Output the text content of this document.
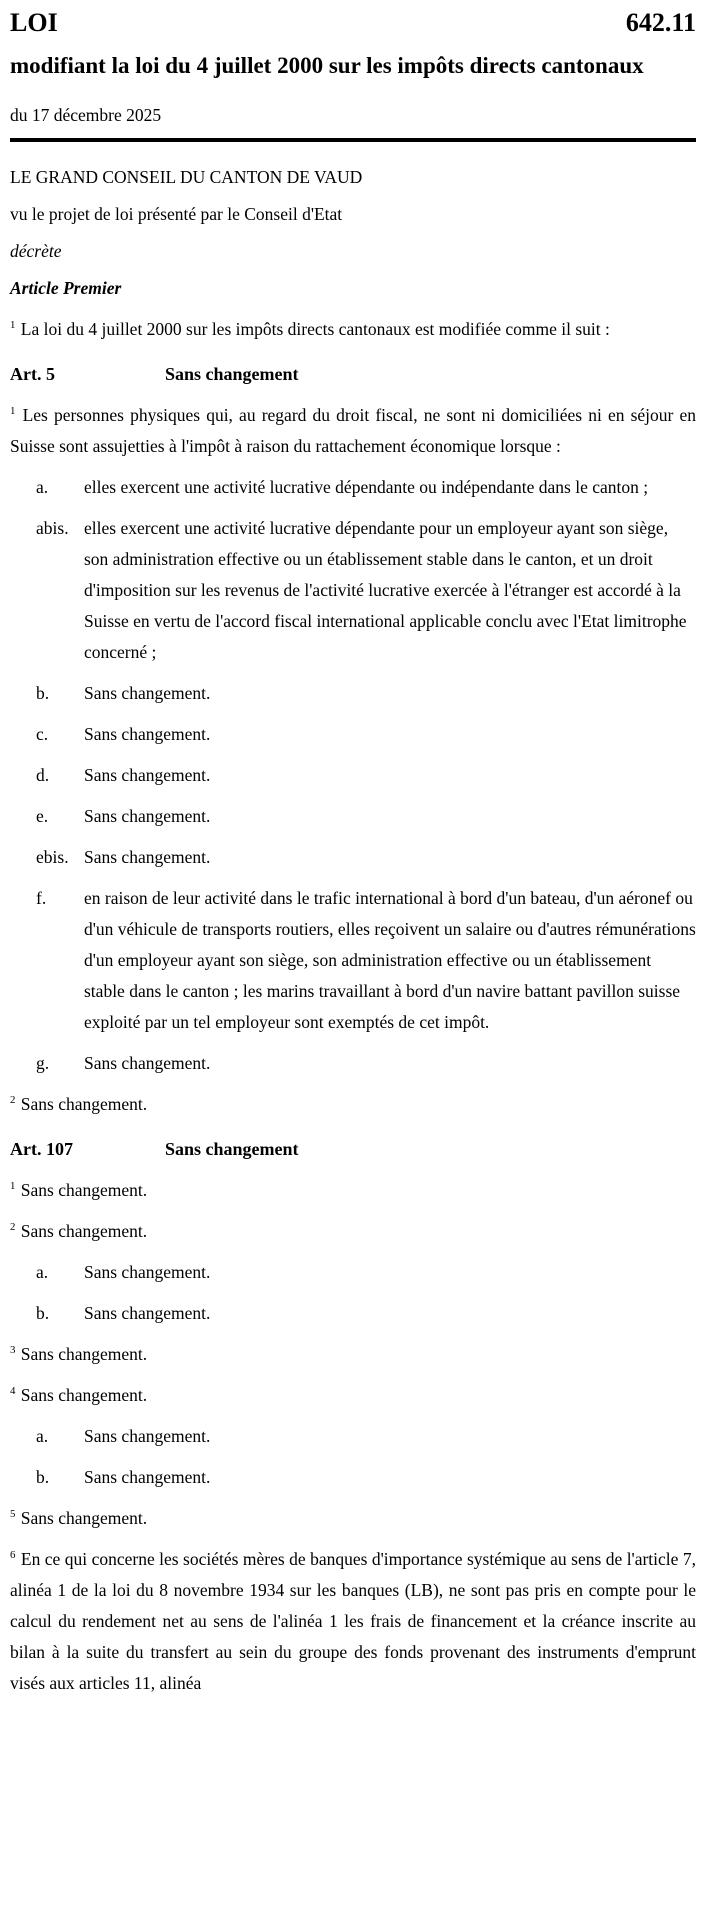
LOI	642.11
modifiant la loi du 4 juillet 2000 sur les impôts directs cantonaux

du 17 décembre 2025

LE GRAND CONSEIL DU CANTON DE VAUD

vu le projet de loi présenté par le Conseil d'Etat

décrète

Article Premier

$^1$ La loi du 4 juillet 2000 sur les impôts directs cantonaux est modifiée comme il suit :

Art. 5	Sans changement

$^1$ Les personnes physiques qui, au regard du droit fiscal, ne sont ni domiciliées ni en séjour en Suisse sont assujetties à l'impôt à raison du rattachement économique lorsque :

a.	elles exercent une activité lucrative dépendante ou indépendante dans le canton ;
abis. elles exercent une activité lucrative dépendante pour un employeur ayant son siège, son administration effective ou un établissement stable dans le canton, et un droit d'imposition sur les revenus de l'activité lucrative exercée à l'étranger est accordé à la Suisse en vertu de l'accord fiscal international applicable conclu avec l'Etat limitrophe concerné ;
b.	Sans changement.
c.	Sans changement.
d.	Sans changement.
e.	Sans changement.
ebis. Sans changement.
f.	en raison de leur activité dans le trafic international à bord d'un bateau, d'un aéronef ou d'un véhicule de transports routiers, elles reçoivent un salaire ou d'autres rémunérations d'un employeur ayant son siège, son administration effective ou un établissement stable dans le canton ; les marins travaillant à bord d'un navire battant pavillon suisse exploité par un tel employeur sont exemptés de cet impôt.
g.	Sans changement.

$^2$ Sans changement.

Art. 107	Sans changement

$^1$ Sans changement.

$^2$ Sans changement.

a.	Sans changement.
b.	Sans changement.

$^3$ Sans changement.

$^4$ Sans changement.

a.	Sans changement.
b.	Sans changement.

$^5$ Sans changement.

$^6$ En ce qui concerne les sociétés mères de banques d'importance systémique au sens de l'article 7, alinéa 1 de la loi du 8 novembre 1934 sur les banques (LB), ne sont pas pris en compte pour le calcul du rendement net au sens de l'alinéa 1 les frais de financement et la créance inscrite au bilan à la suite du transfert au sein du groupe des fonds provenant des instruments d'emprunt visés aux articles 11, alinéa
